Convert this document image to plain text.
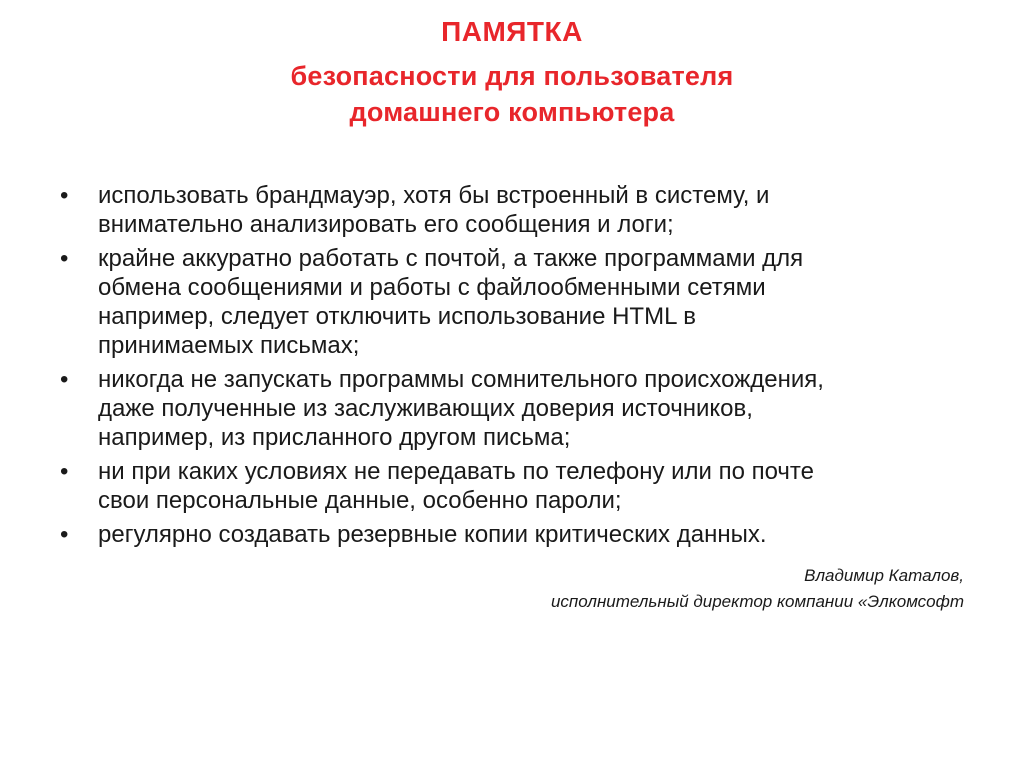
ПАМЯТКА
безопасности для пользователя
домашнего компьютера
• использовать брандмауэр, хотя бы встроенный в систему, и
внимательно анализировать его сообщения и логи;
• крайне аккуратно работать с почтой, а также программами для
обмена сообщениями и работы с файлообменными сетями
например, следует отключить использование HTML в
принимаемых письмах;
• никогда не запускать программы сомнительного происхождения,
даже полученные из заслуживающих доверия источников,
например, из присланного другом письма;
• ни при каких условиях не передавать по телефону или по почте
свои персональные данные, особенно пароли;
• регулярно создавать резервные копии критических данных.
Владимир Каталов,
исполнительный директор компании «Элкомсофт
